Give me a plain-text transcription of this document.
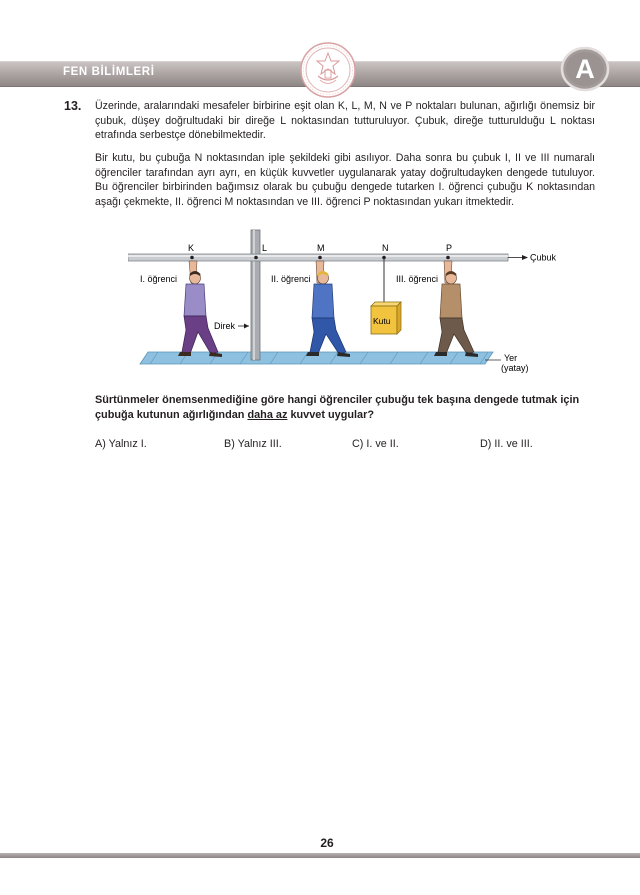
FEN BİLİMLERİ	A
13. Üzerinde, aralarındaki mesafeler birbirine eşit olan K, L, M, N ve P noktaları bulunan, ağırlığı önemsiz bir çubuk, düşey doğrultudaki bir direğe L noktasından tutturuluyor. Çubuk, direğe tutturulduğu L noktası etrafında serbestçe dönebilmektedir.

Bir kutu, bu çubuğa N noktasından iple şekildeki gibi asılıyor. Daha sonra bu çubuk I, II ve III numaralı öğrenciler tarafından ayrı ayrı, en küçük kuvvetler uygulanarak yatay doğrultudayken dengede tutuluyor. Bu öğrenciler birbirinden bağımsız olarak bu çubuğu dengede tutarken I. öğrenci çubuğu K noktasından aşağı çekmekte, II. öğrenci M noktasından ve III. öğrenci P noktasından yukarı itmektedir.

Yer
(yatay)
Direk
Çubuk
K	L	M	N	P
Kutu
I. öğrenci	II. öğrenci	III. öğrenci

Sürtünmeler önemsenmediğine göre hangi öğrenciler çubuğu tek başına dengede tutmak için çubuğa kutunun ağırlığından daha az kuvvet uygular?

A) Yalnız I.	B) Yalnız III.	C) I. ve II.	D) II. ve III.
26
